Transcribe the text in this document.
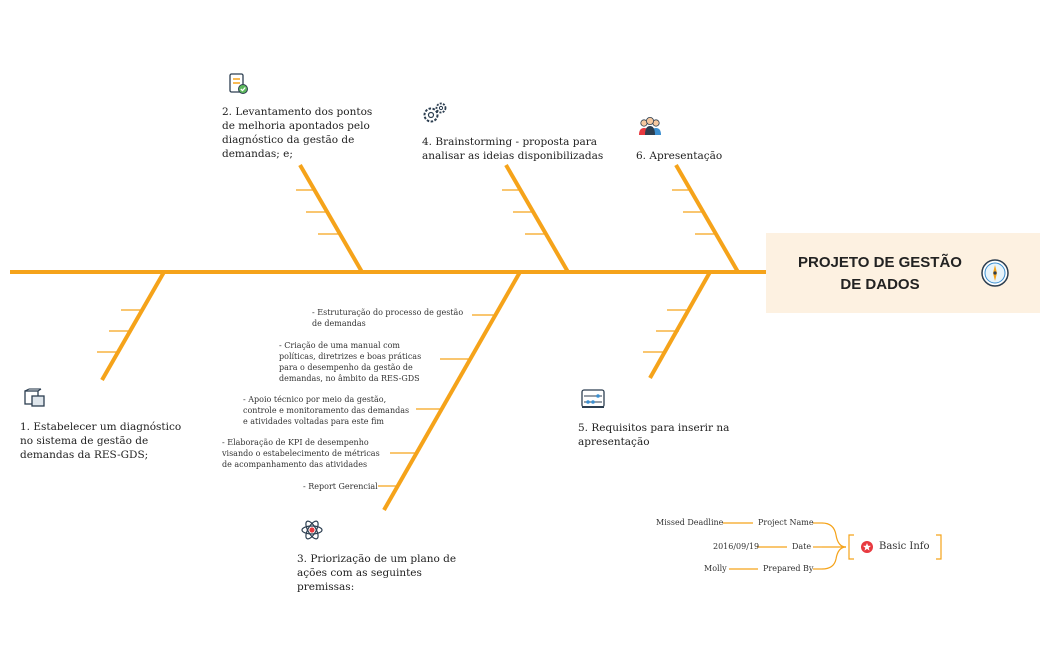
PROJETO DE GESTÃO DE DADOS
2. Levantamento dos pontos de melhoria apontados pelo diagnóstico da gestão de demandas; e;
4. Brainstorming - proposta para analisar as ideias disponibilizadas	6. Apresentação
1. Estabelecer um diagnóstico no sistema de gestão de demandas da RES-GDS;
3. Priorização de um plano de ações com as seguintes premissas:
- Estruturação do processo de gestão de demandas
- Criação de uma manual com políticas, diretrizes e boas práticas para o desempenho da gestão de demandas, no âmbito da RES-GDS
- Apoio técnico por meio da gestão, controle e monitoramento das demandas e atividades voltadas para este fim
- Elaboração de KPI de desempenho visando o estabelecimento de métricas de acompanhamento das atividades
- Report Gerencial
5. Requisitos para inserir na apresentação
Missed Deadline	Project Name
2016/09/19	Date
Molly	Prepared By
Basic Info
